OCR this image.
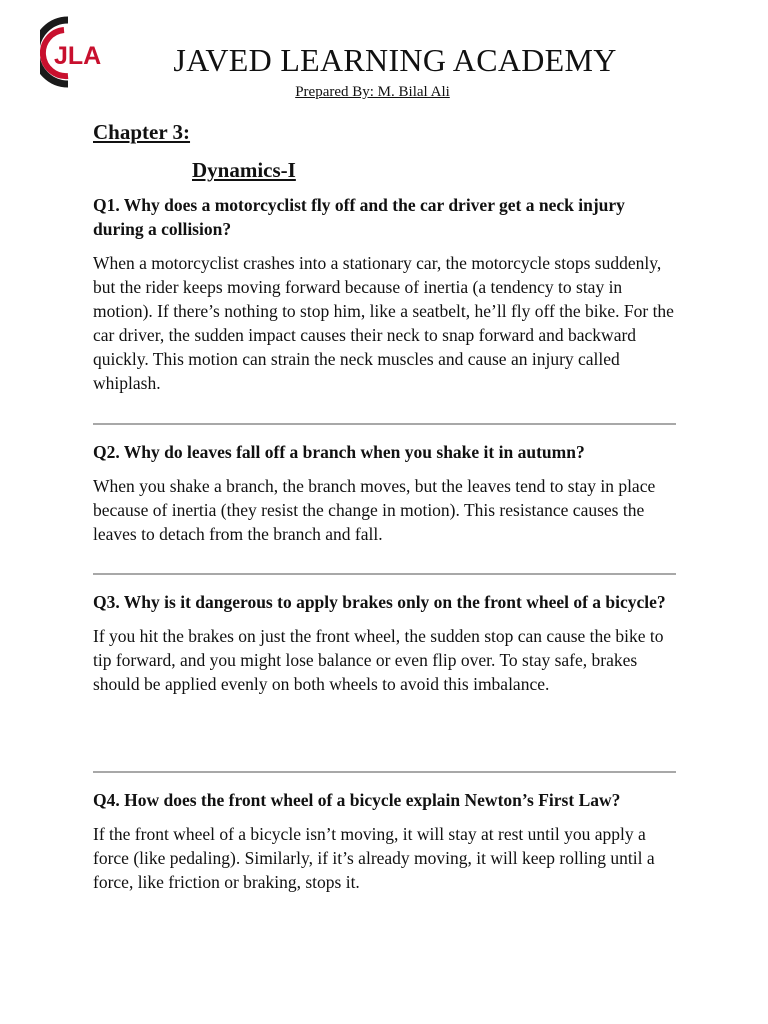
JLA	JAVED LEARNING ACADEMY
Prepared By: M. Bilal Ali
Chapter 3:
Dynamics-I

Q1. Why does a motorcyclist fly off and the car driver get a neck injury during a collision?

When a motorcyclist crashes into a stationary car, the motorcycle stops suddenly, but the rider keeps moving forward because of inertia (a tendency to stay in motion). If there’s nothing to stop him, like a seatbelt, he’ll fly off the bike. For the car driver, the sudden impact causes their neck to snap forward and backward quickly. This motion can strain the neck muscles and cause an injury called whiplash.

Q2. Why do leaves fall off a branch when you shake it in autumn?

When you shake a branch, the branch moves, but the leaves tend to stay in place because of inertia (they resist the change in motion). This resistance causes the leaves to detach from the branch and fall.

Q3. Why is it dangerous to apply brakes only on the front wheel of a bicycle?

If you hit the brakes on just the front wheel, the sudden stop can cause the bike to tip forward, and you might lose balance or even flip over. To stay safe, brakes should be applied evenly on both wheels to avoid this imbalance.

Q4. How does the front wheel of a bicycle explain Newton’s First Law?

If the front wheel of a bicycle isn’t moving, it will stay at rest until you apply a force (like pedaling). Similarly, if it’s already moving, it will keep rolling until a force, like friction or braking, stops it.
